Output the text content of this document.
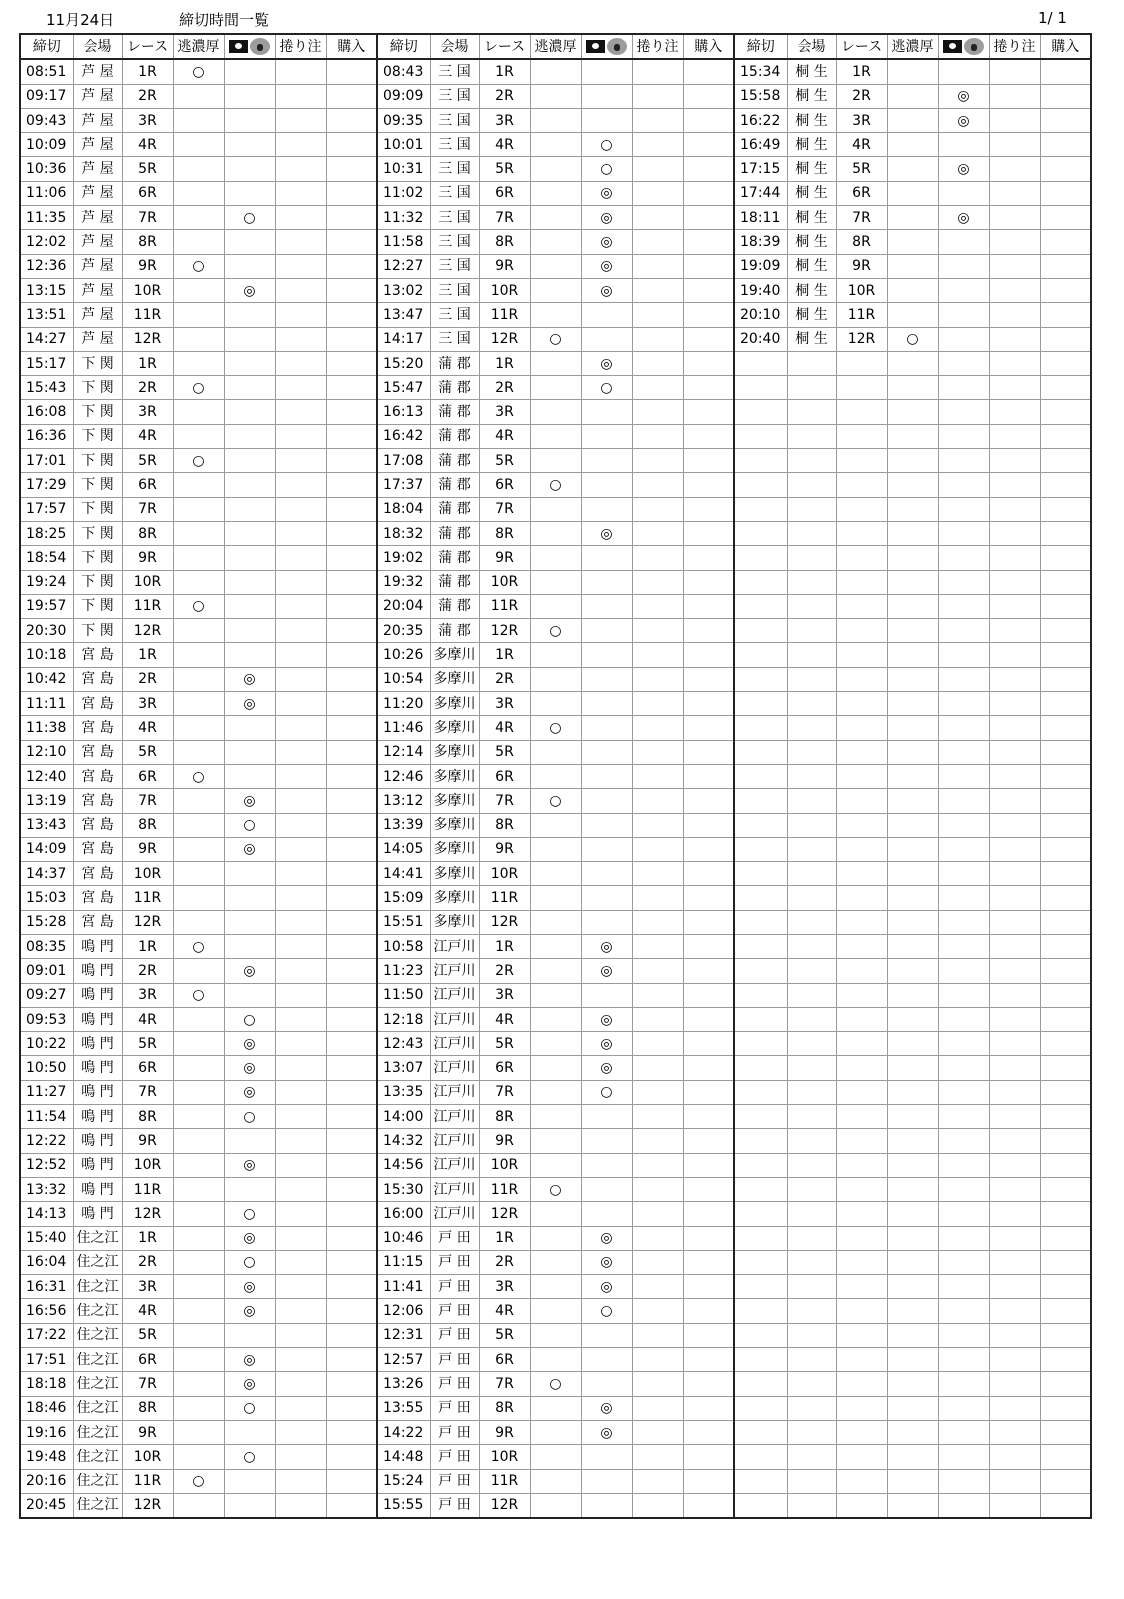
11月24日	締切時間一覧	1/ 1
締切	会場	レース	逃濃厚		捲り注	購入	締切	会場	レース	逃濃厚		捲り注	購入	締切	会場	レース	逃濃厚		捲り注	購入
08:51	芦 屋	1R	○				08:43	三 国	1R					15:34	桐 生	1R				
09:17	芦 屋	2R					09:09	三 国	2R					15:58	桐 生	2R		◎		
09:43	芦 屋	3R					09:35	三 国	3R					16:22	桐 生	3R		◎		
10:09	芦 屋	4R					10:01	三 国	4R		○			16:49	桐 生	4R				
10:36	芦 屋	5R					10:31	三 国	5R		○			17:15	桐 生	5R		◎		
11:06	芦 屋	6R					11:02	三 国	6R		◎			17:44	桐 生	6R				
11:35	芦 屋	7R		○			11:32	三 国	7R		◎			18:11	桐 生	7R		◎		
12:02	芦 屋	8R					11:58	三 国	8R		◎			18:39	桐 生	8R				
12:36	芦 屋	9R	○				12:27	三 国	9R		◎			19:09	桐 生	9R				
13:15	芦 屋	10R		◎			13:02	三 国	10R		◎			19:40	桐 生	10R				
13:51	芦 屋	11R					13:47	三 国	11R					20:10	桐 生	11R				
14:27	芦 屋	12R					14:17	三 国	12R	○				20:40	桐 生	12R	○			
15:17	下 関	1R					15:20	蒲 郡	1R		◎									
15:43	下 関	2R	○				15:47	蒲 郡	2R		○									
16:08	下 関	3R					16:13	蒲 郡	3R											
16:36	下 関	4R					16:42	蒲 郡	4R											
17:01	下 関	5R	○				17:08	蒲 郡	5R											
17:29	下 関	6R					17:37	蒲 郡	6R	○										
17:57	下 関	7R					18:04	蒲 郡	7R											
18:25	下 関	8R					18:32	蒲 郡	8R		◎									
18:54	下 関	9R					19:02	蒲 郡	9R											
19:24	下 関	10R					19:32	蒲 郡	10R											
19:57	下 関	11R	○				20:04	蒲 郡	11R											
20:30	下 関	12R					20:35	蒲 郡	12R	○										
10:18	宮 島	1R					10:26	多摩川	1R											
10:42	宮 島	2R		◎			10:54	多摩川	2R											
11:11	宮 島	3R		◎			11:20	多摩川	3R											
11:38	宮 島	4R					11:46	多摩川	4R	○										
12:10	宮 島	5R					12:14	多摩川	5R											
12:40	宮 島	6R	○				12:46	多摩川	6R											
13:19	宮 島	7R		◎			13:12	多摩川	7R	○										
13:43	宮 島	8R		○			13:39	多摩川	8R											
14:09	宮 島	9R		◎			14:05	多摩川	9R											
14:37	宮 島	10R					14:41	多摩川	10R											
15:03	宮 島	11R					15:09	多摩川	11R											
15:28	宮 島	12R					15:51	多摩川	12R											
08:35	鳴 門	1R	○				10:58	江戸川	1R		◎									
09:01	鳴 門	2R		◎			11:23	江戸川	2R		◎									
09:27	鳴 門	3R	○				11:50	江戸川	3R											
09:53	鳴 門	4R		○			12:18	江戸川	4R		◎									
10:22	鳴 門	5R		◎			12:43	江戸川	5R		◎									
10:50	鳴 門	6R		◎			13:07	江戸川	6R		◎									
11:27	鳴 門	7R		◎			13:35	江戸川	7R		○									
11:54	鳴 門	8R		○			14:00	江戸川	8R											
12:22	鳴 門	9R					14:32	江戸川	9R											
12:52	鳴 門	10R		◎			14:56	江戸川	10R											
13:32	鳴 門	11R					15:30	江戸川	11R	○										
14:13	鳴 門	12R		○			16:00	江戸川	12R											
15:40	住之江	1R		◎			10:46	戸 田	1R		◎									
16:04	住之江	2R		○			11:15	戸 田	2R		◎									
16:31	住之江	3R		◎			11:41	戸 田	3R		◎									
16:56	住之江	4R		◎			12:06	戸 田	4R		○									
17:22	住之江	5R					12:31	戸 田	5R											
17:51	住之江	6R		◎			12:57	戸 田	6R											
18:18	住之江	7R		◎			13:26	戸 田	7R	○										
18:46	住之江	8R		○			13:55	戸 田	8R		◎									
19:16	住之江	9R					14:22	戸 田	9R		◎									
19:48	住之江	10R		○			14:48	戸 田	10R											
20:16	住之江	11R	○				15:24	戸 田	11R											
20:45	住之江	12R					15:55	戸 田	12R											
